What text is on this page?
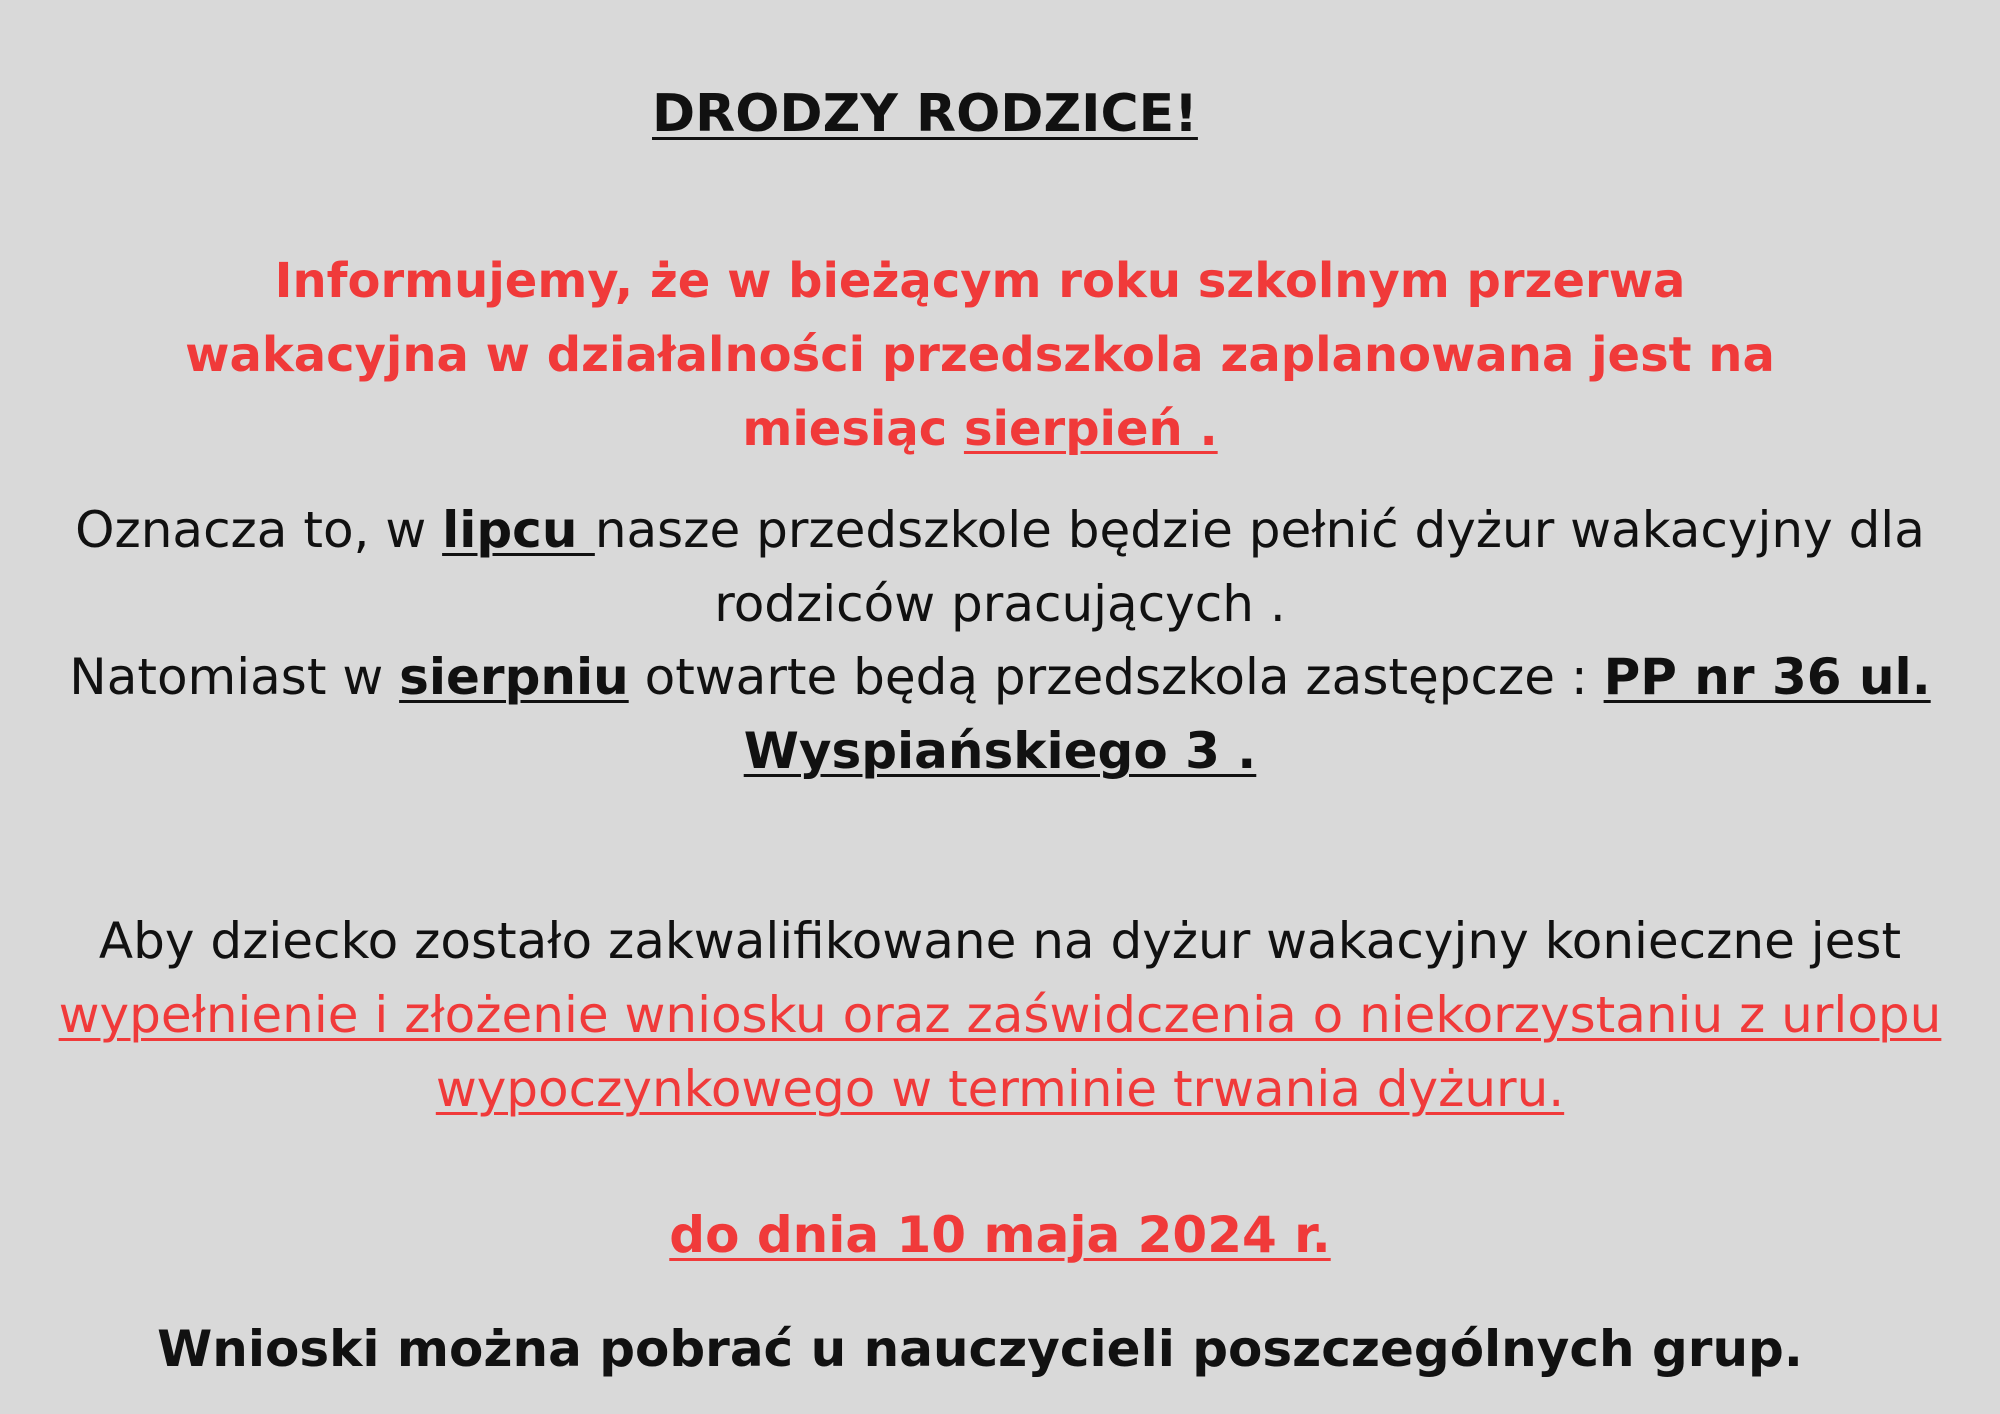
DRODZY RODZICE!
Informujemy, że w bieżącym roku szkolnym przerwa
wakacyjna w działalności przedszkola zaplanowana jest na
miesiąc sierpień .
Oznacza to, w lipcu nasze przedszkole będzie pełnić dyżur wakacyjny dla
rodziców pracujących .
Natomiast w sierpniu otwarte będą przedszkola zastępcze : PP nr 36 ul.
Wyspiańskiego 3 .
Aby dziecko zostało zakwalifikowane na dyżur wakacyjny konieczne jest
wypełnienie i złożenie wniosku oraz zaświdczenia o niekorzystaniu z urlopu
wypoczynkowego w terminie trwania dyżuru.
do dnia 10 maja 2024 r.
Wnioski można pobrać u nauczycieli poszczególnych grup.
